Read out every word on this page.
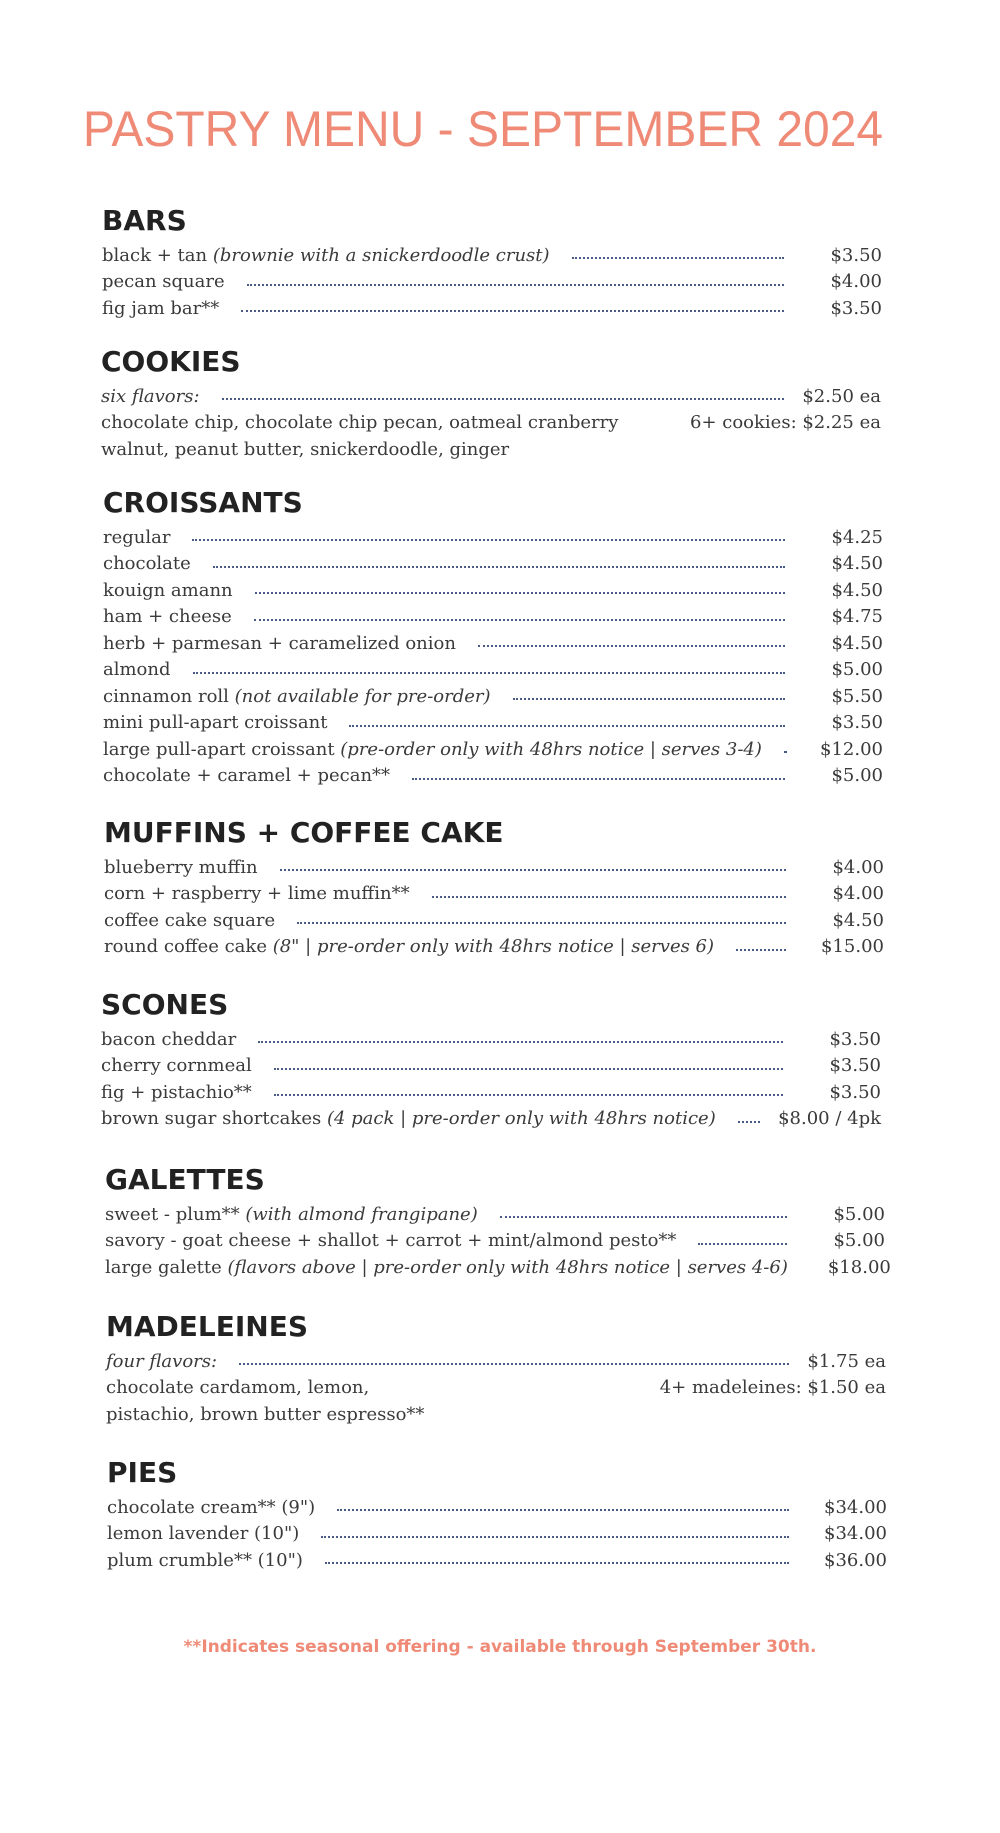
PASTRY MENU - SEPTEMBER 2024
BARS
black + tan (brownie with a snickerdoodle crust)	$3.50
pecan square	$4.00
fig jam bar**	$3.50
COOKIES
six flavors:	$2.50 ea
chocolate chip, chocolate chip pecan, oatmeal cranberry	6+ cookies: $2.25 ea
walnut, peanut butter, snickerdoodle, ginger
CROISSANTS
regular	$4.25
chocolate	$4.50
kouign amann	$4.50
ham + cheese	$4.75
herb + parmesan + caramelized onion	$4.50
almond	$5.00
cinnamon roll (not available for pre-order)	$5.50
mini pull-apart croissant	$3.50
large pull-apart croissant (pre-order only with 48hrs notice | serves 3-4)	$12.00
chocolate + caramel + pecan**	$5.00
MUFFINS + COFFEE CAKE
blueberry muffin	$4.00
corn + raspberry + lime muffin**	$4.00
coffee cake square	$4.50
round coffee cake (8" | pre-order only with 48hrs notice | serves 6)	$15.00
SCONES
bacon cheddar	$3.50
cherry cornmeal	$3.50
fig + pistachio**	$3.50
brown sugar shortcakes (4 pack | pre-order only with 48hrs notice)	$8.00 / 4pk
GALETTES
sweet - plum** (with almond frangipane)	$5.00
savory - goat cheese + shallot + carrot + mint/almond pesto**	$5.00
large galette (flavors above | pre-order only with 48hrs notice | serves 4-6) $18.00
MADELEINES
four flavors:	$1.75 ea
chocolate cardamom, lemon,	4+ madeleines: $1.50 ea
pistachio, brown butter espresso**
PIES
chocolate cream** (9")	$34.00
lemon lavender (10")	$34.00
plum crumble** (10")	$36.00
**Indicates seasonal offering - available through September 30th.
